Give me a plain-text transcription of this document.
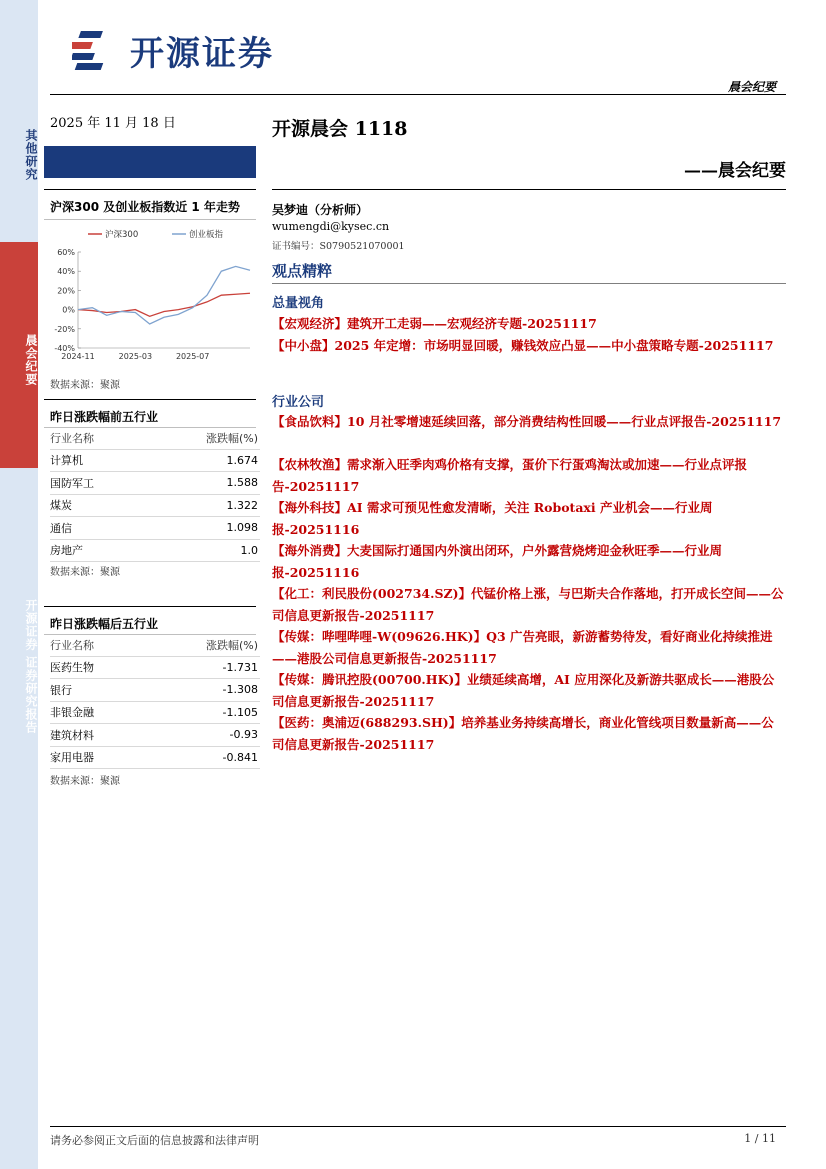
其他研究
晨会纪要
开源证券 证券研究报告
开源证券
晨会纪要
2025 年 11 月 18 日
沪深300 及创业板指数近 1 年走势
60%
40%
20%
0%
-20%
-40%
2024-11	2025-03	2025-07
沪深300	创业板指
数据来源：聚源
昨日涨跌幅前五行业
行业名称	涨跌幅(%)
计算机	1.674
国防军工	1.588
煤炭	1.322
通信	1.098
房地产	1.0
数据来源：聚源
昨日涨跌幅后五行业
行业名称	涨跌幅(%)
医药生物	-1.731
银行	-1.308
非银金融	-1.105
建筑材料	-0.93
家用电器	-0.841
数据来源：聚源
开源晨会 1118
——晨会纪要
吴梦迪（分析师）
wumengdi@kysec.cn
证书编号：S0790521070001
观点精粹
总量视角
【宏观经济】建筑开工走弱——宏观经济专题-20251117
【中小盘】2025 年定增：市场明显回暖，赚钱效应凸显——中小盘策略专题-20251117
行业公司
【食品饮料】10 月社零增速延续回落，部分消费结构性回暖——行业点评报告-20251117
【农林牧渔】需求渐入旺季肉鸡价格有支撑，蛋价下行蛋鸡淘汰或加速——行业点评报告-20251117
【海外科技】AI 需求可预见性愈发清晰，关注 Robotaxi 产业机会——行业周报-20251116
【海外消费】大麦国际打通国内外演出闭环，户外露营烧烤迎金秋旺季——行业周报-20251116
【化工：利民股份(002734.SZ)】代锰价格上涨，与巴斯夫合作落地，打开成长空间——公司信息更新报告-20251117
【传媒：哔哩哔哩-W(09626.HK)】Q3 广告亮眼，新游蓄势待发，看好商业化持续推进——港股公司信息更新报告-20251117
【传媒：腾讯控股(00700.HK)】业绩延续高增，AI 应用深化及新游共驱成长——港股公司信息更新报告-20251117
【医药：奥浦迈(688293.SH)】培养基业务持续高增长，商业化管线项目数量新高——公司信息更新报告-20251117
请务必参阅正文后面的信息披露和法律声明	1 / 11
